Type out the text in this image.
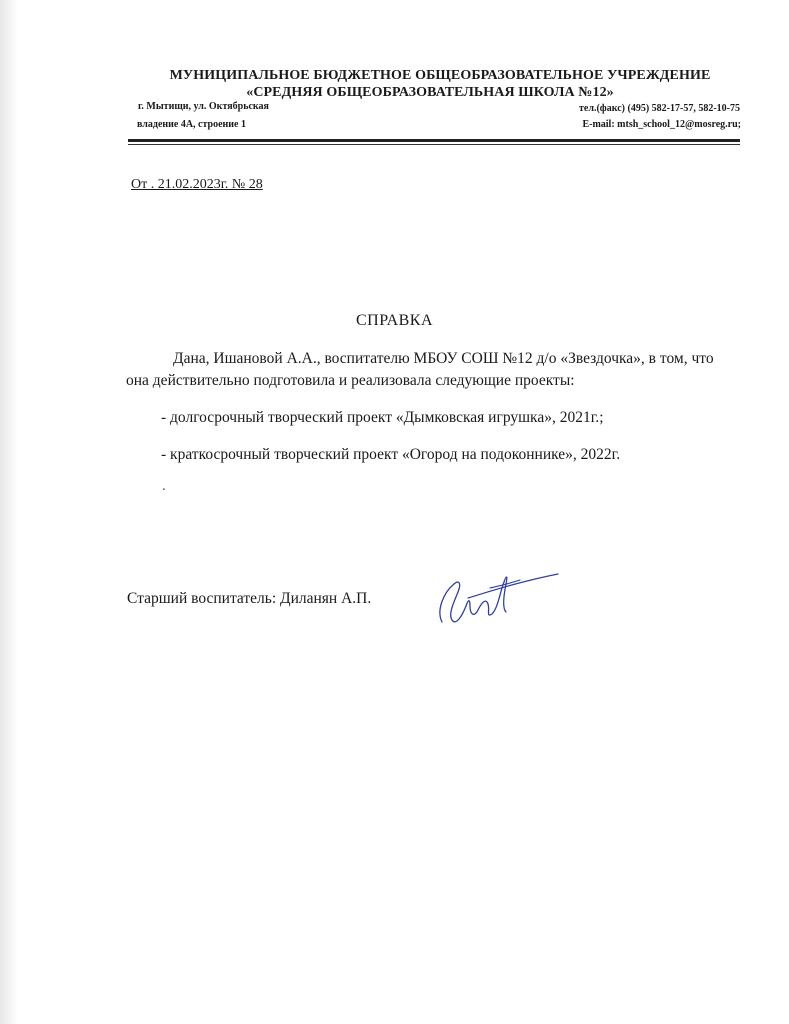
МУНИЦИПАЛЬНОЕ БЮДЖЕТНОЕ ОБЩЕОБРАЗОВАТЕЛЬНОЕ УЧРЕЖДЕНИЕ
«СРЕДНЯЯ ОБЩЕОБРАЗОВАТЕЛЬНАЯ ШКОЛА №12»
г. Мытищи, ул. Октябрьская
владение 4А, строение 1
тел.(факс) (495) 582-17-57, 582-10-75
E-mail: mtsh_school_12@mosreg.ru;
От . 21.02.2023г. № 28
СПРАВКА
Дана, Ишановой А.А., воспитателю МБОУ СОШ №12 д/о «Звездочка», в том, что она действительно подготовила и реализовала следующие проекты:
- долгосрочный творческий проект «Дымковская игрушка», 2021г.;
- краткосрочный творческий проект «Огород на подоконнике», 2022г.
.
Старший воспитатель: Диланян А.П.
